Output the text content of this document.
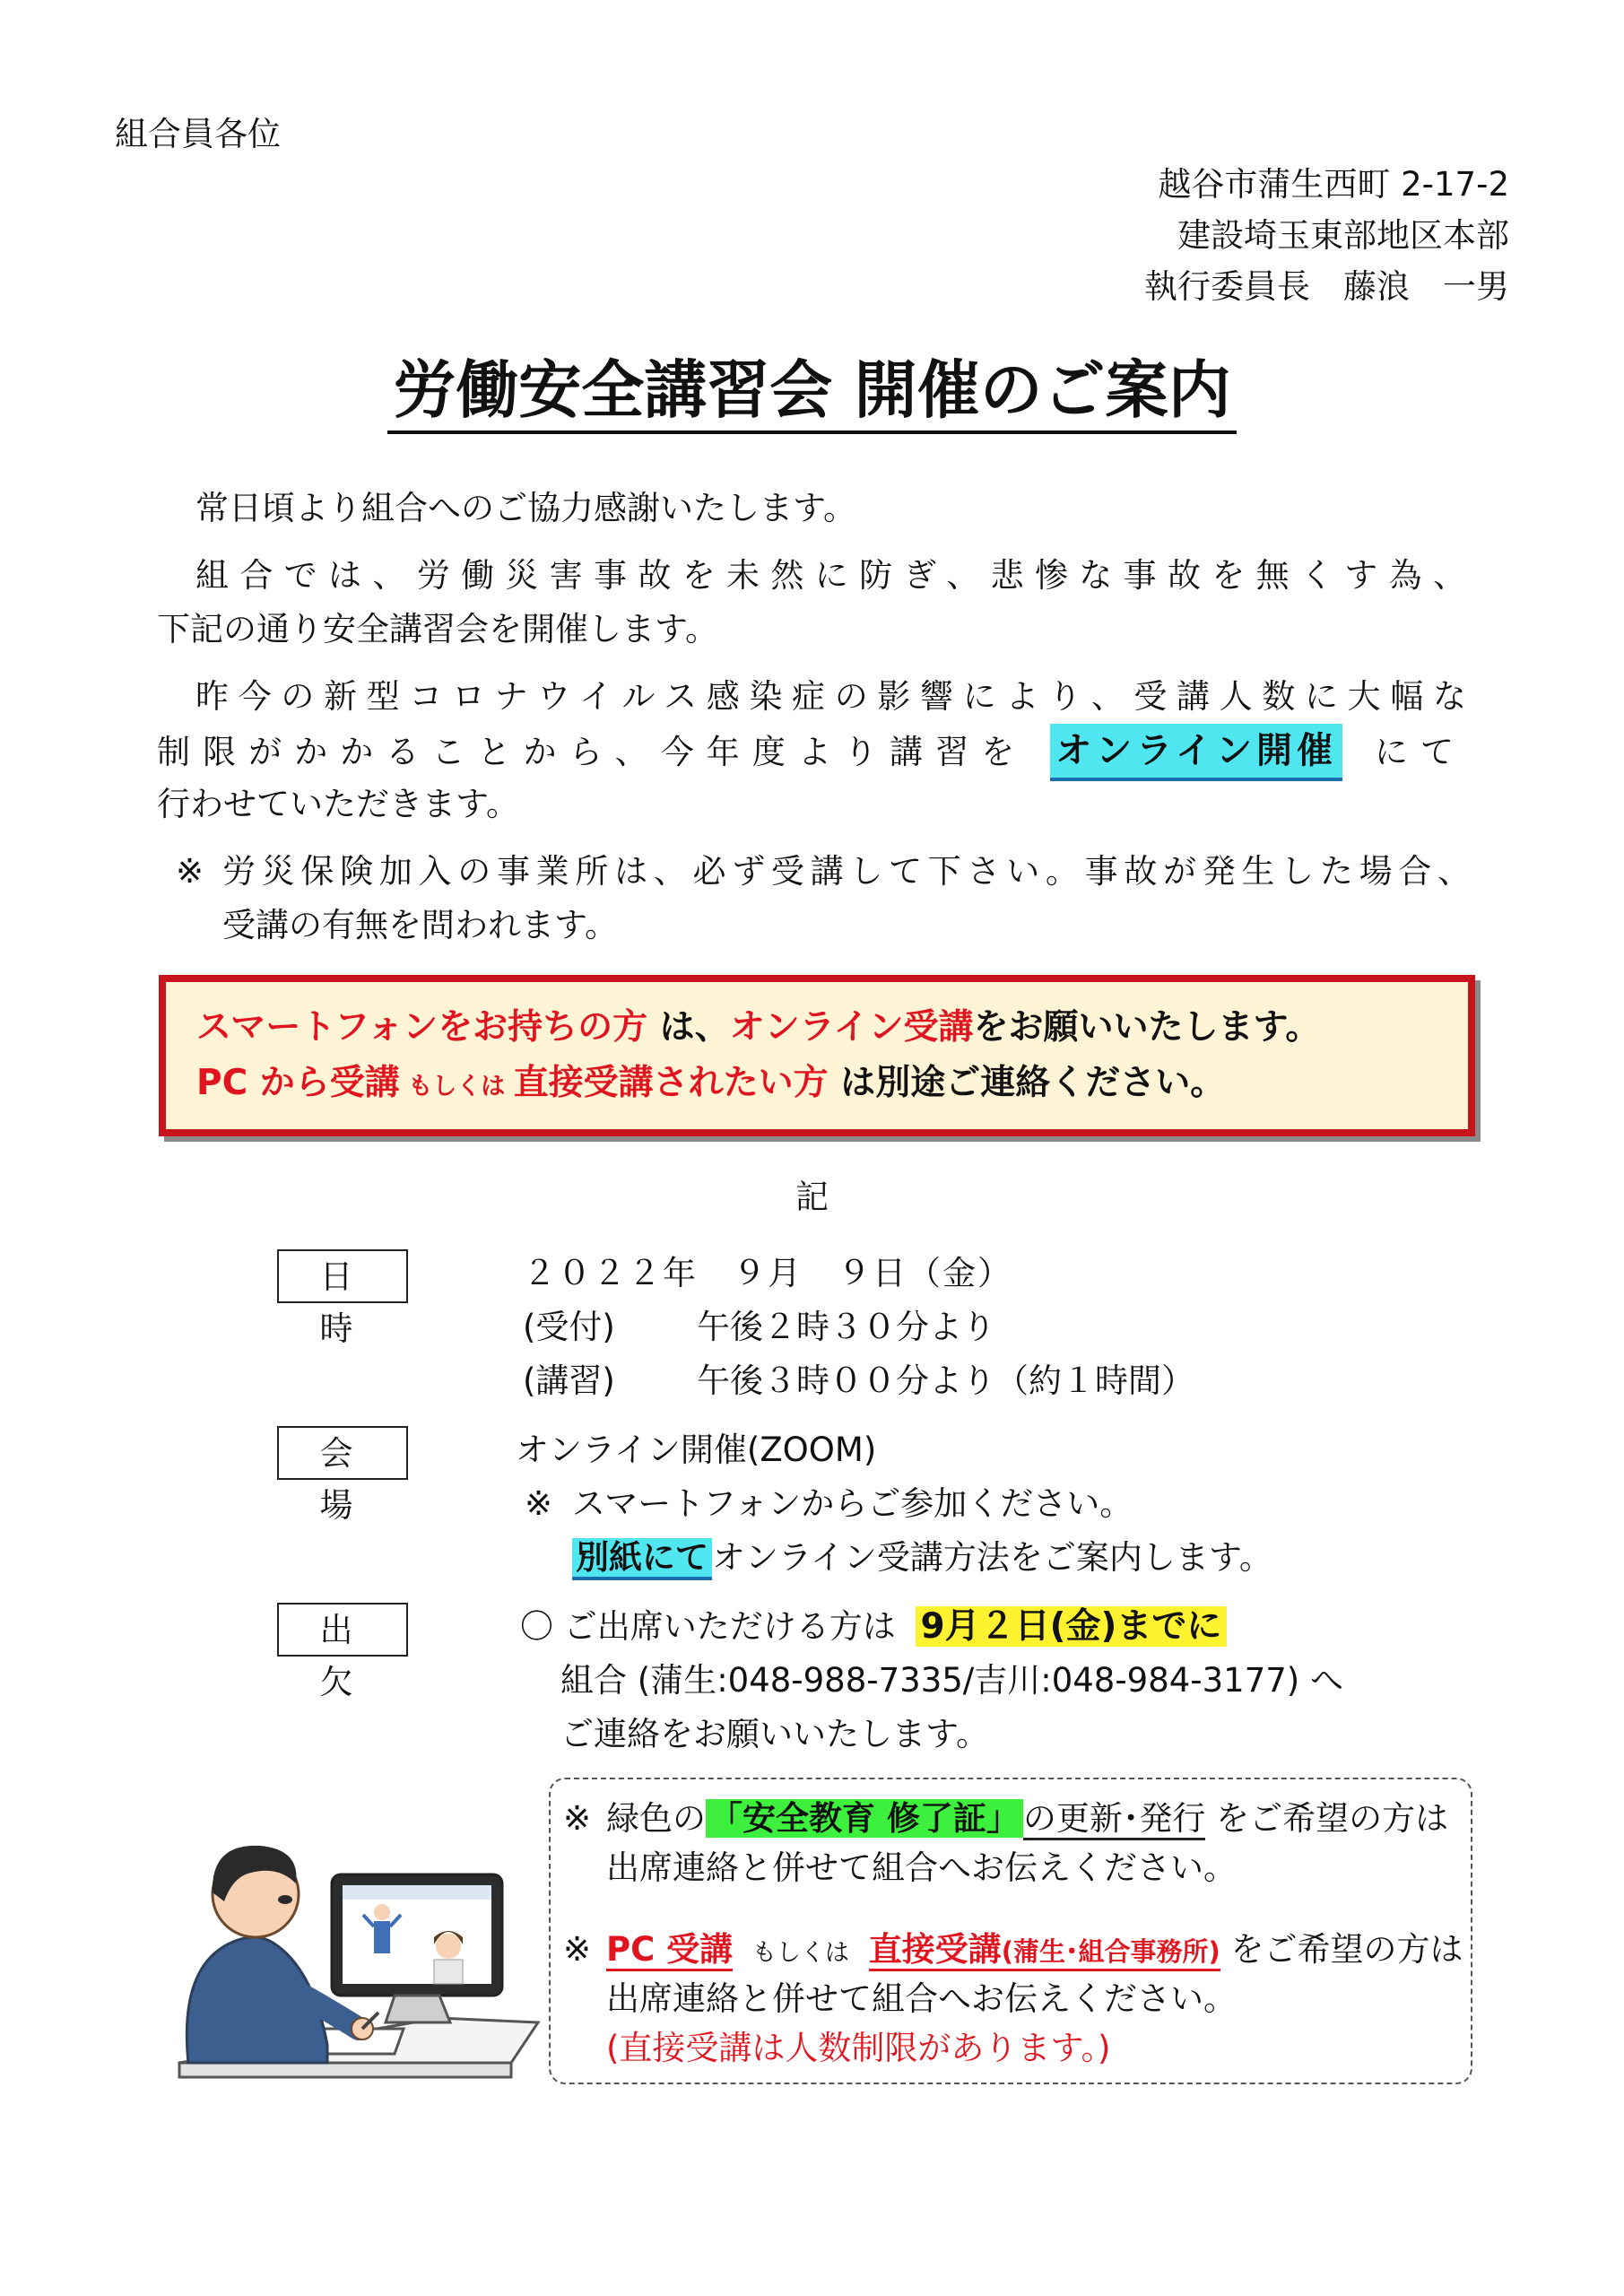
組合員各位
越谷市蒲生西町 2-17-2
建設埼玉東部地区本部
執行委員長　藤浪　一男
労働安全講習会 開催のご案内
常日頃より組合へのご協力感謝いたします。
組合では、労働災害事故を未然に防ぎ、悲惨な事故を無くす為、
下記の通り安全講習会を開催します。
昨今の新型コロナウイルス感染症の影響により、受講人数に大幅な
制限がかかることから、今年度より講習を オンライン開催 にて
行わせていただきます。
※ 労災保険加入の事業所は、必ず受講して下さい。事故が発生した場合、
受講の有無を問われます。
スマートフォンをお持ちの方 は、オンライン受講をお願いいたします。
PC から受講 もしくは 直接受講されたい方 は別途ご連絡ください。
記
日時
２０２２年　９月　９日（金）
(受付) 午後２時３０分より
(講習) 午後３時００分より（約１時間）
会場
オンライン開催(ZOOM)
※ スマートフォンからご参加ください。
別紙にて オンライン受講方法をご案内します。
出欠
〇 ご出席いただける方は 9月２日(金)までに
組合 (蒲生:048-988-7335/吉川:048-984-3177) へ
ご連絡をお願いいたします。
※ 緑色の 「安全教育 修了証」 の更新･発行 をご希望の方は
出席連絡と併せて組合へお伝えください。
※ PC 受講 もしくは 直接受講(蒲生･組合事務所) をご希望の方は
出席連絡と併せて組合へお伝えください。
(直接受講は人数制限があります。)
